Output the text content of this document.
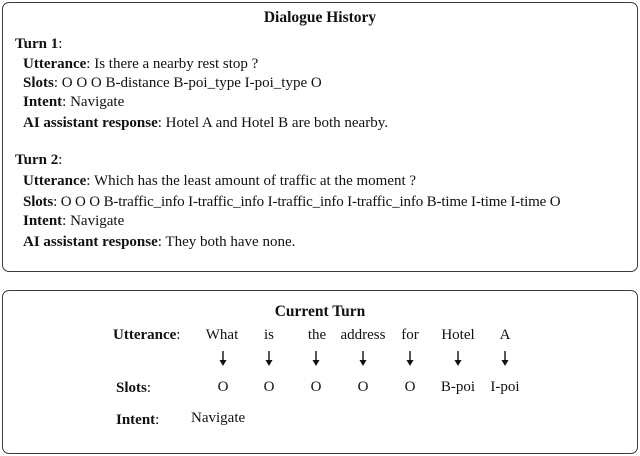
Dialogue History
Turn 1:
Utterance: Is there a nearby rest stop ?
Slots: O O O B-distance B-poi_type I-poi_type O
Intent: Navigate
AI assistant response: Hotel A and Hotel B are both nearby.
Turn 2:
Utterance: Which has the least amount of traffic at the moment ?
Slots: O O O B-traffic_info I-traffic_info I-traffic_info I-traffic_info B-time I-time I-time O
Intent: Navigate
AI assistant response: They both have none.
Current Turn
Utterance:
Slots:
Intent: Navigate
What is the address for Hotel A
O O O O O B-poi I-poi
